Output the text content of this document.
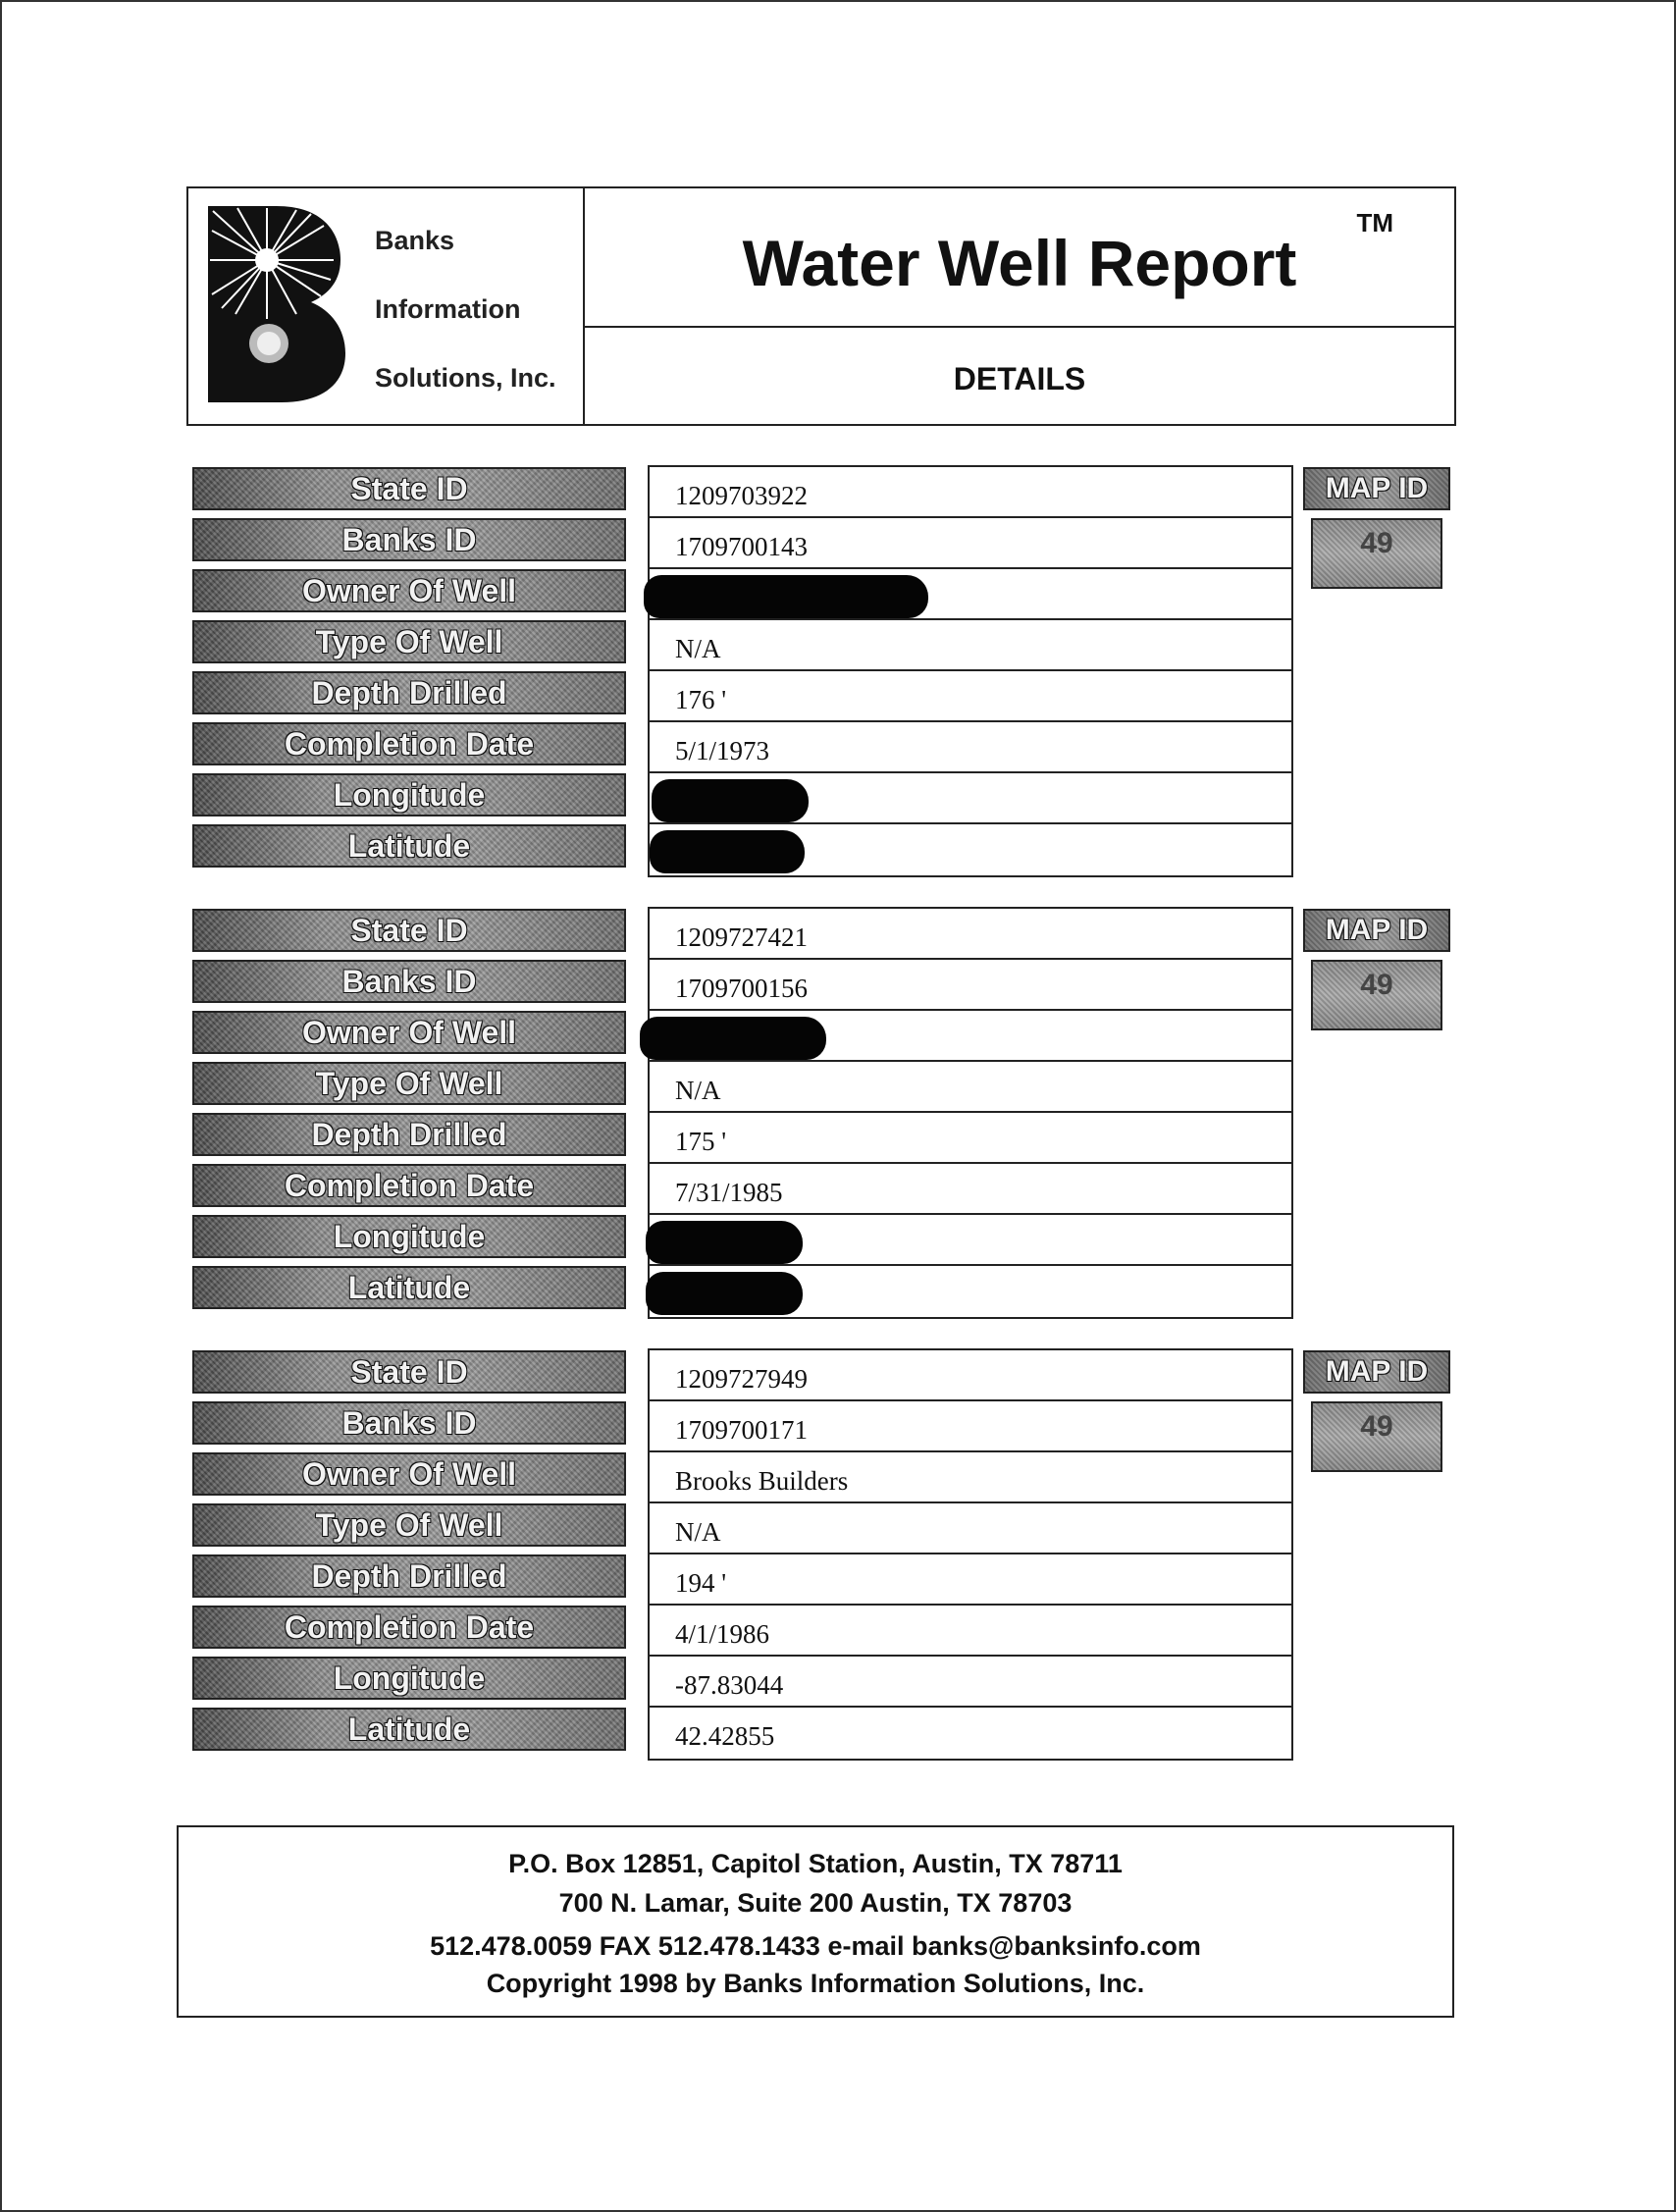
Banks
Information
Solutions, Inc.
Water Well Report
TM
DETAILS
State ID
Banks ID
Owner Of Well
Type Of Well
Depth Drilled
Completion Date
Longitude
Latitude
1209703922
1709700143
N/A
176 '
5/1/1973
MAP ID
49
State ID
Banks ID
Owner Of Well
Type Of Well
Depth Drilled
Completion Date
Longitude
Latitude
1209727421
1709700156
N/A
175 '
7/31/1985
MAP ID
49
State ID
Banks ID
Owner Of Well
Type Of Well
Depth Drilled
Completion Date
Longitude
Latitude
1209727949
1709700171
Brooks Builders
N/A
194 '
4/1/1986
-87.83044
42.42855
MAP ID
49
P.O. Box 12851, Capitol Station, Austin, TX 78711
700 N. Lamar, Suite 200 Austin, TX 78703
512.478.0059 FAX 512.478.1433 e-mail banks@banksinfo.com
Copyright 1998 by Banks Information Solutions, Inc.
